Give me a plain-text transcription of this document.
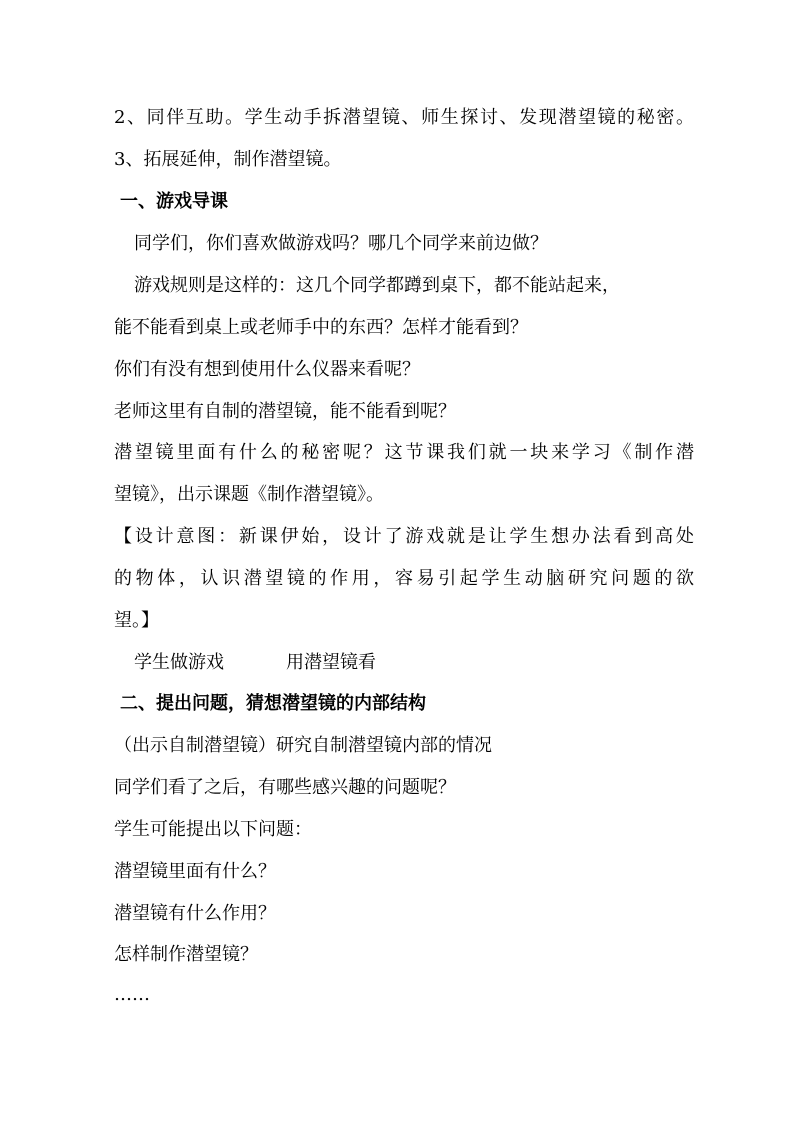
2、同伴互助。学生动手拆潜望镜、师生探讨、发现潜望镜的秘密。
3、拓展延伸，制作潜望镜。
一、游戏导课
同学们，你们喜欢做游戏吗？哪几个同学来前边做？
游戏规则是这样的：这几个同学都蹲到桌下，都不能站起来，
能不能看到桌上或老师手中的东西？怎样才能看到？
你们有没有想到使用什么仪器来看呢？
老师这里有自制的潜望镜，能不能看到呢？
潜望镜里面有什么的秘密呢？这节课我们就一块来学习《制作潜
望镜》，出示课题《制作潜望镜》。
【设计意图：新课伊始，设计了游戏就是让学生想办法看到高处
的物体，认识潜望镜的作用，容易引起学生动脑研究问题的欲
望。】
学生做游戏	用潜望镜看
二、提出问题，猜想潜望镜的内部结构
（出示自制潜望镜）研究自制潜望镜内部的情况
同学们看了之后，有哪些感兴趣的问题呢？
学生可能提出以下问题：
潜望镜里面有什么？
潜望镜有什么作用？
怎样制作潜望镜？
……
